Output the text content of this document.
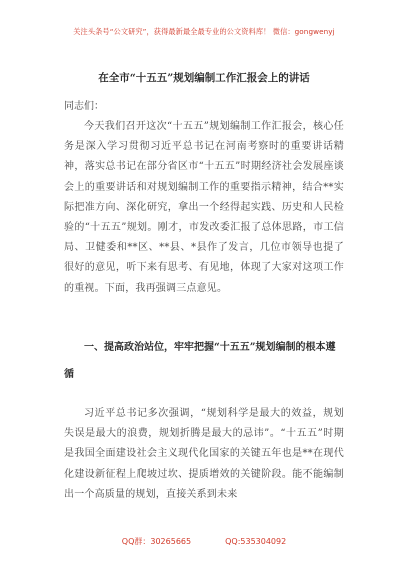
关注头条号“公文研究”，获得最新最全最专业的公文资料库！ 微信：gongwenyj
在全市“十五五”规划编制工作汇报会上的讲话
同志们：
今天我们召开这次“十五五”规划编制工作汇报会，核心任务是深入学习贯彻习近平总书记在河南考察时的重要讲话精神，落实总书记在部分省区市“十五五”时期经济社会发展座谈会上的重要讲话和对规划编制工作的重要指示精神，结合**实际把准方向、深化研究，拿出一个经得起实践、历史和人民检验的“十五五”规划。刚才，市发改委汇报了总体思路，市工信局、卫健委和**区、**县、*县作了发言，几位市领导也提了很好的意见，听下来有思考、有见地，体现了大家对这项工作的重视。下面，我再强调三点意见。
一、提高政治站位，牢牢把握“十五五”规划编制的根本遵循
习近平总书记多次强调，“规划科学是最大的效益，规划失误是最大的浪费，规划折腾是最大的忌讳”。“十五五”时期是我国全面建设社会主义现代化国家的关键五年也是**在现代化建设新征程上爬坡过坎、提质增效的关键阶段。能不能编制出一个高质量的规划，直接关系到未来
QQ群：30265665	QQ:535304092
